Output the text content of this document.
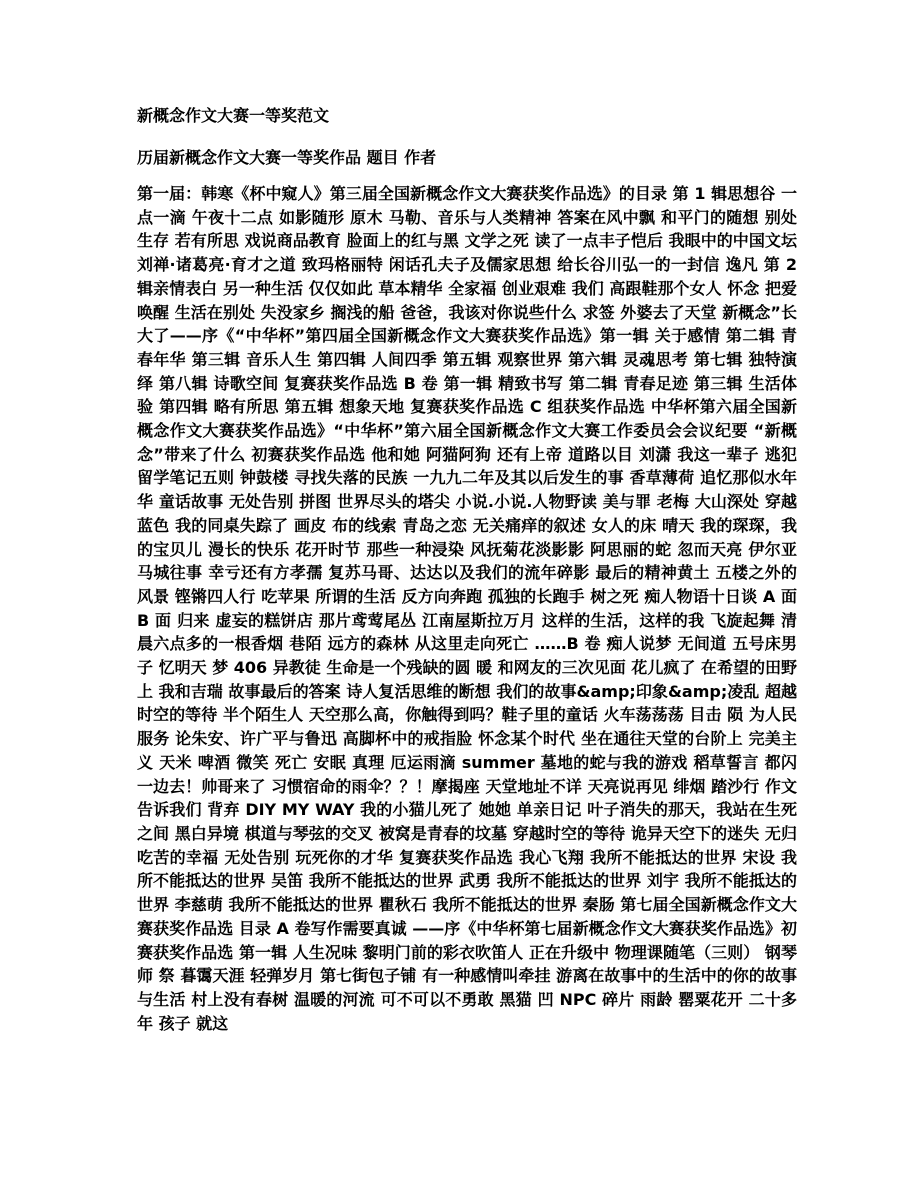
新概念作文大赛一等奖范文
历届新概念作文大赛一等奖作品 题目 作者
第一届：韩寒《杯中窥人》第三届全国新概念作文大赛获奖作品选》的目录 第 1 辑思想谷 一点一滴 午夜十二点 如影随形 原木 马勒、音乐与人类精神 答案在风中飘 和平门的随想 别处生存 若有所思 戏说商品教育 脸面上的红与黑 文学之死 读了一点丰子恺后 我眼中的中国文坛 刘禅·诸葛亮·育才之道 致玛格丽特 闲话孔夫子及儒家思想 给长谷川弘一的一封信 逸凡 第 2 辑亲情表白 另一种生活 仅仅如此 草本精华 全家福 创业艰难 我们 高跟鞋那个女人 怀念 把爱唤醒 生活在别处 失没家乡 搁浅的船 爸爸，我该对你说些什么 求签 外婆去了天堂 新概念”长大了——序《“中华杯”第四届全国新概念作文大赛获奖作品选》第一辑 关于感情 第二辑 青春年华 第三辑 音乐人生 第四辑 人间四季 第五辑 观察世界 第六辑 灵魂思考 第七辑 独特演绎 第八辑 诗歌空间 复赛获奖作品选 B 卷 第一辑 精致书写 第二辑 青春足迹 第三辑 生活体验 第四辑 略有所思 第五辑 想象天地 复赛获奖作品选 C 组获奖作品选 中华杯第六届全国新概念作文大赛获奖作品选》“中华杯”第六届全国新概念作文大赛工作委员会会议纪要 “新概念”带来了什么 初赛获奖作品选 他和她 阿猫阿狗 还有上帝 道路以目 刘潇 我这一辈子 逃犯 留学笔记五则 钟鼓楼 寻找失落的民族 一九九二年及其以后发生的事 香草薄荷 追忆那似水年华 童话故事 无处告别 拼图 世界尽头的塔尖 小说.小说.人物野读 美与罪 老梅 大山深处 穿越蓝色 我的同桌失踪了 画皮 布的线索 青岛之恋 无关痛痒的叙述 女人的床 晴天 我的琛琛，我的宝贝儿 漫长的快乐 花开时节 那些一种浸染 风抚菊花淡影影 阿思丽的蛇 忽而天亮 伊尔亚马城往事 幸亏还有方孝孺 复苏马哥、达达以及我们的流年碎影 最后的精神黄土 五楼之外的风景 铿锵四人行 吃苹果 所谓的生活 反方向奔跑 孤独的长跑手 树之死 痴人物语十日谈 A 面 B 面 归来 虚妄的糕饼店 那片鸢莺尾丛 江南屋斯拉万月 这样的生活，这样的我 飞旋起舞 清晨六点多的一根香烟 巷陌 远方的森林 从这里走向死亡 ……B 卷 痴人说梦 无间道 五号床男子 忆明天 梦 406 异教徒 生命是一个残缺的圆 暖 和网友的三次见面 花儿疯了 在希望的田野上 我和吉瑞 故事最后的答案 诗人复活思维的断想 我们的故事&amp;印象&amp;凌乱 超越时空的等待 半个陌生人 天空那么高，你触得到吗？鞋子里的童话 火车荡荡荡 目击 陨 为人民服务 论朱安、许广平与鲁迅 高脚杯中的戒指脸 怀念某个时代 坐在通往天堂的台阶上 完美主义 天米 啤酒 微笑 死亡 安眠 真理 厄运雨滴 summer 墓地的蛇与我的游戏 稻草誓言 都闪一边去！帅哥来了 习惯宿命的雨伞？？！摩揭座 天堂地址不详 天亮说再见 绯烟 踏沙行 作文告诉我们 背弃 DIY MY WAY 我的小猫儿死了 她她 单亲日记 叶子消失的那天，我站在生死之间 黑白异境 棋道与琴弦的交叉 被窝是青春的坟墓 穿越时空的等待 诡异天空下的迷失 无归 吃苦的幸福 无处告别 玩死你的才华 复赛获奖作品选 我心飞翔 我所不能抵达的世界 宋设 我所不能抵达的世界 吴笛 我所不能抵达的世界 武勇 我所不能抵达的世界 刘宇 我所不能抵达的世界 李慈萌 我所不能抵达的世界 瞿秋石 我所不能抵达的世界 秦肠 第七届全国新概念作文大赛获奖作品选 目录 A 卷写作需要真诚 ——序《中华杯第七届新概念作文大赛获奖作品选》初赛获奖作品选 第一辑 人生况味 黎明门前的彩衣吹笛人 正在升级中 物理课随笔（三则） 钢琴师 祭 暮霭天涯 轻弹岁月 第七街包子铺 有一种感情叫牵挂 游离在故事中的生活中的你的故事与生活 村上没有春树 温暖的河流 可不可以不勇敢 黑猫 凹 NPC 碎片 雨龄 罂粟花开 二十多年 孩子 就这
